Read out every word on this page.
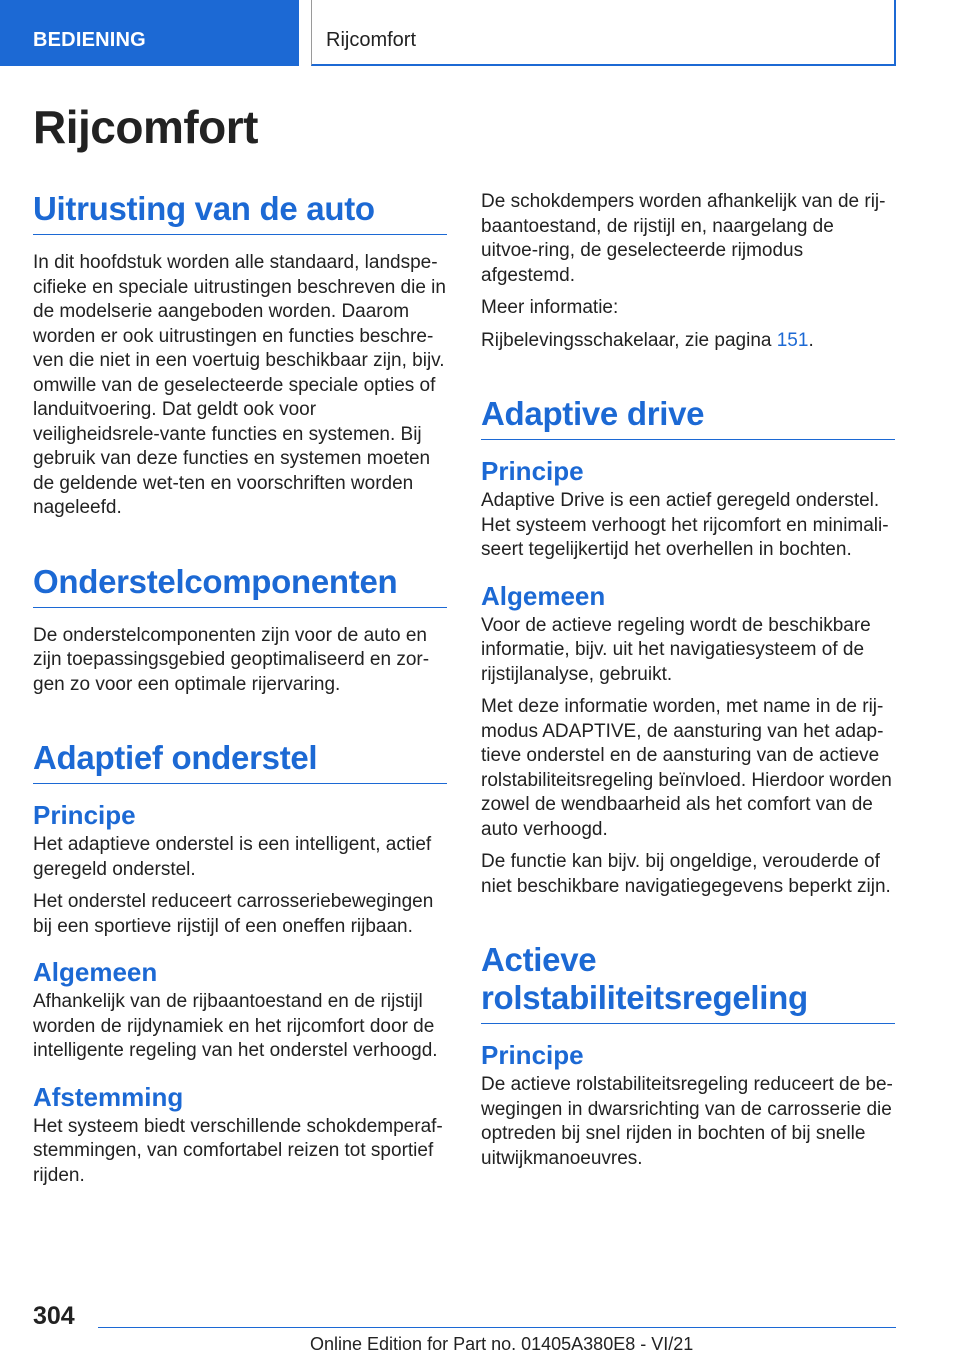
BEDIENING	Rijcomfort
Rijcomfort
Uitrusting van de auto

In dit hoofdstuk worden alle standaard, landspe-cifieke en speciale uitrustingen beschreven die in de modelserie aangeboden worden. Daarom worden er ook uitrustingen en functies beschre-ven die niet in een voertuig beschikbaar zijn, bijv. omwille van de geselecteerde speciale opties of landuitvoering. Dat geldt ook voor veiligheidsrele-vante functies en systemen. Bij gebruik van deze functies en systemen moeten de geldende wet-ten en voorschriften worden nageleefd.

Onderstelcomponenten

De onderstelcomponenten zijn voor de auto en zijn toepassingsgebied geoptimaliseerd en zor-gen zo voor een optimale rijervaring.

Adaptief onderstel
Principe

Het adaptieve onderstel is een intelligent, actief geregeld onderstel.

Het onderstel reduceert carrosseriebewegingen bij een sportieve rijstijl of een oneffen rijbaan.

Algemeen

Afhankelijk van de rijbaantoestand en de rijstijl worden de rijdynamiek en het rijcomfort door de intelligente regeling van het onderstel verhoogd.

Afstemming

Het systeem biedt verschillende schokdemperaf-stemmingen, van comfortabel reizen tot sportief rijden.

De schokdempers worden afhankelijk van de rij-baantoestand, de rijstijl en, naargelang de uitvoe-ring, de geselecteerde rijmodus afgestemd.

Meer informatie:

Rijbelevingsschakelaar, zie pagina 151.

Adaptive drive
Principe

Adaptive Drive is een actief geregeld onderstel. Het systeem verhoogt het rijcomfort en minimali-seert tegelijkertijd het overhellen in bochten.

Algemeen

Voor de actieve regeling wordt de beschikbare informatie, bijv. uit het navigatiesysteem of de rijstijlanalyse, gebruikt.

Met deze informatie worden, met name in de rij-modus ADAPTIVE, de aansturing van het adap-tieve onderstel en de aansturing van de actieve rolstabiliteitsregeling beïnvloed. Hierdoor worden zowel de wendbaarheid als het comfort van de auto verhoogd.

De functie kan bijv. bij ongeldige, verouderde of niet beschikbare navigatiegegevens beperkt zijn.

Actieve rolstabiliteitsregeling
Principe

De actieve rolstabiliteitsregeling reduceert de be-wegingen in dwarsrichting van de carrosserie die optreden bij snel rijden in bochten of bij snelle uitwijkmanoeuvres.

304
Online Edition for Part no. 01405A380E8 - VI/21
